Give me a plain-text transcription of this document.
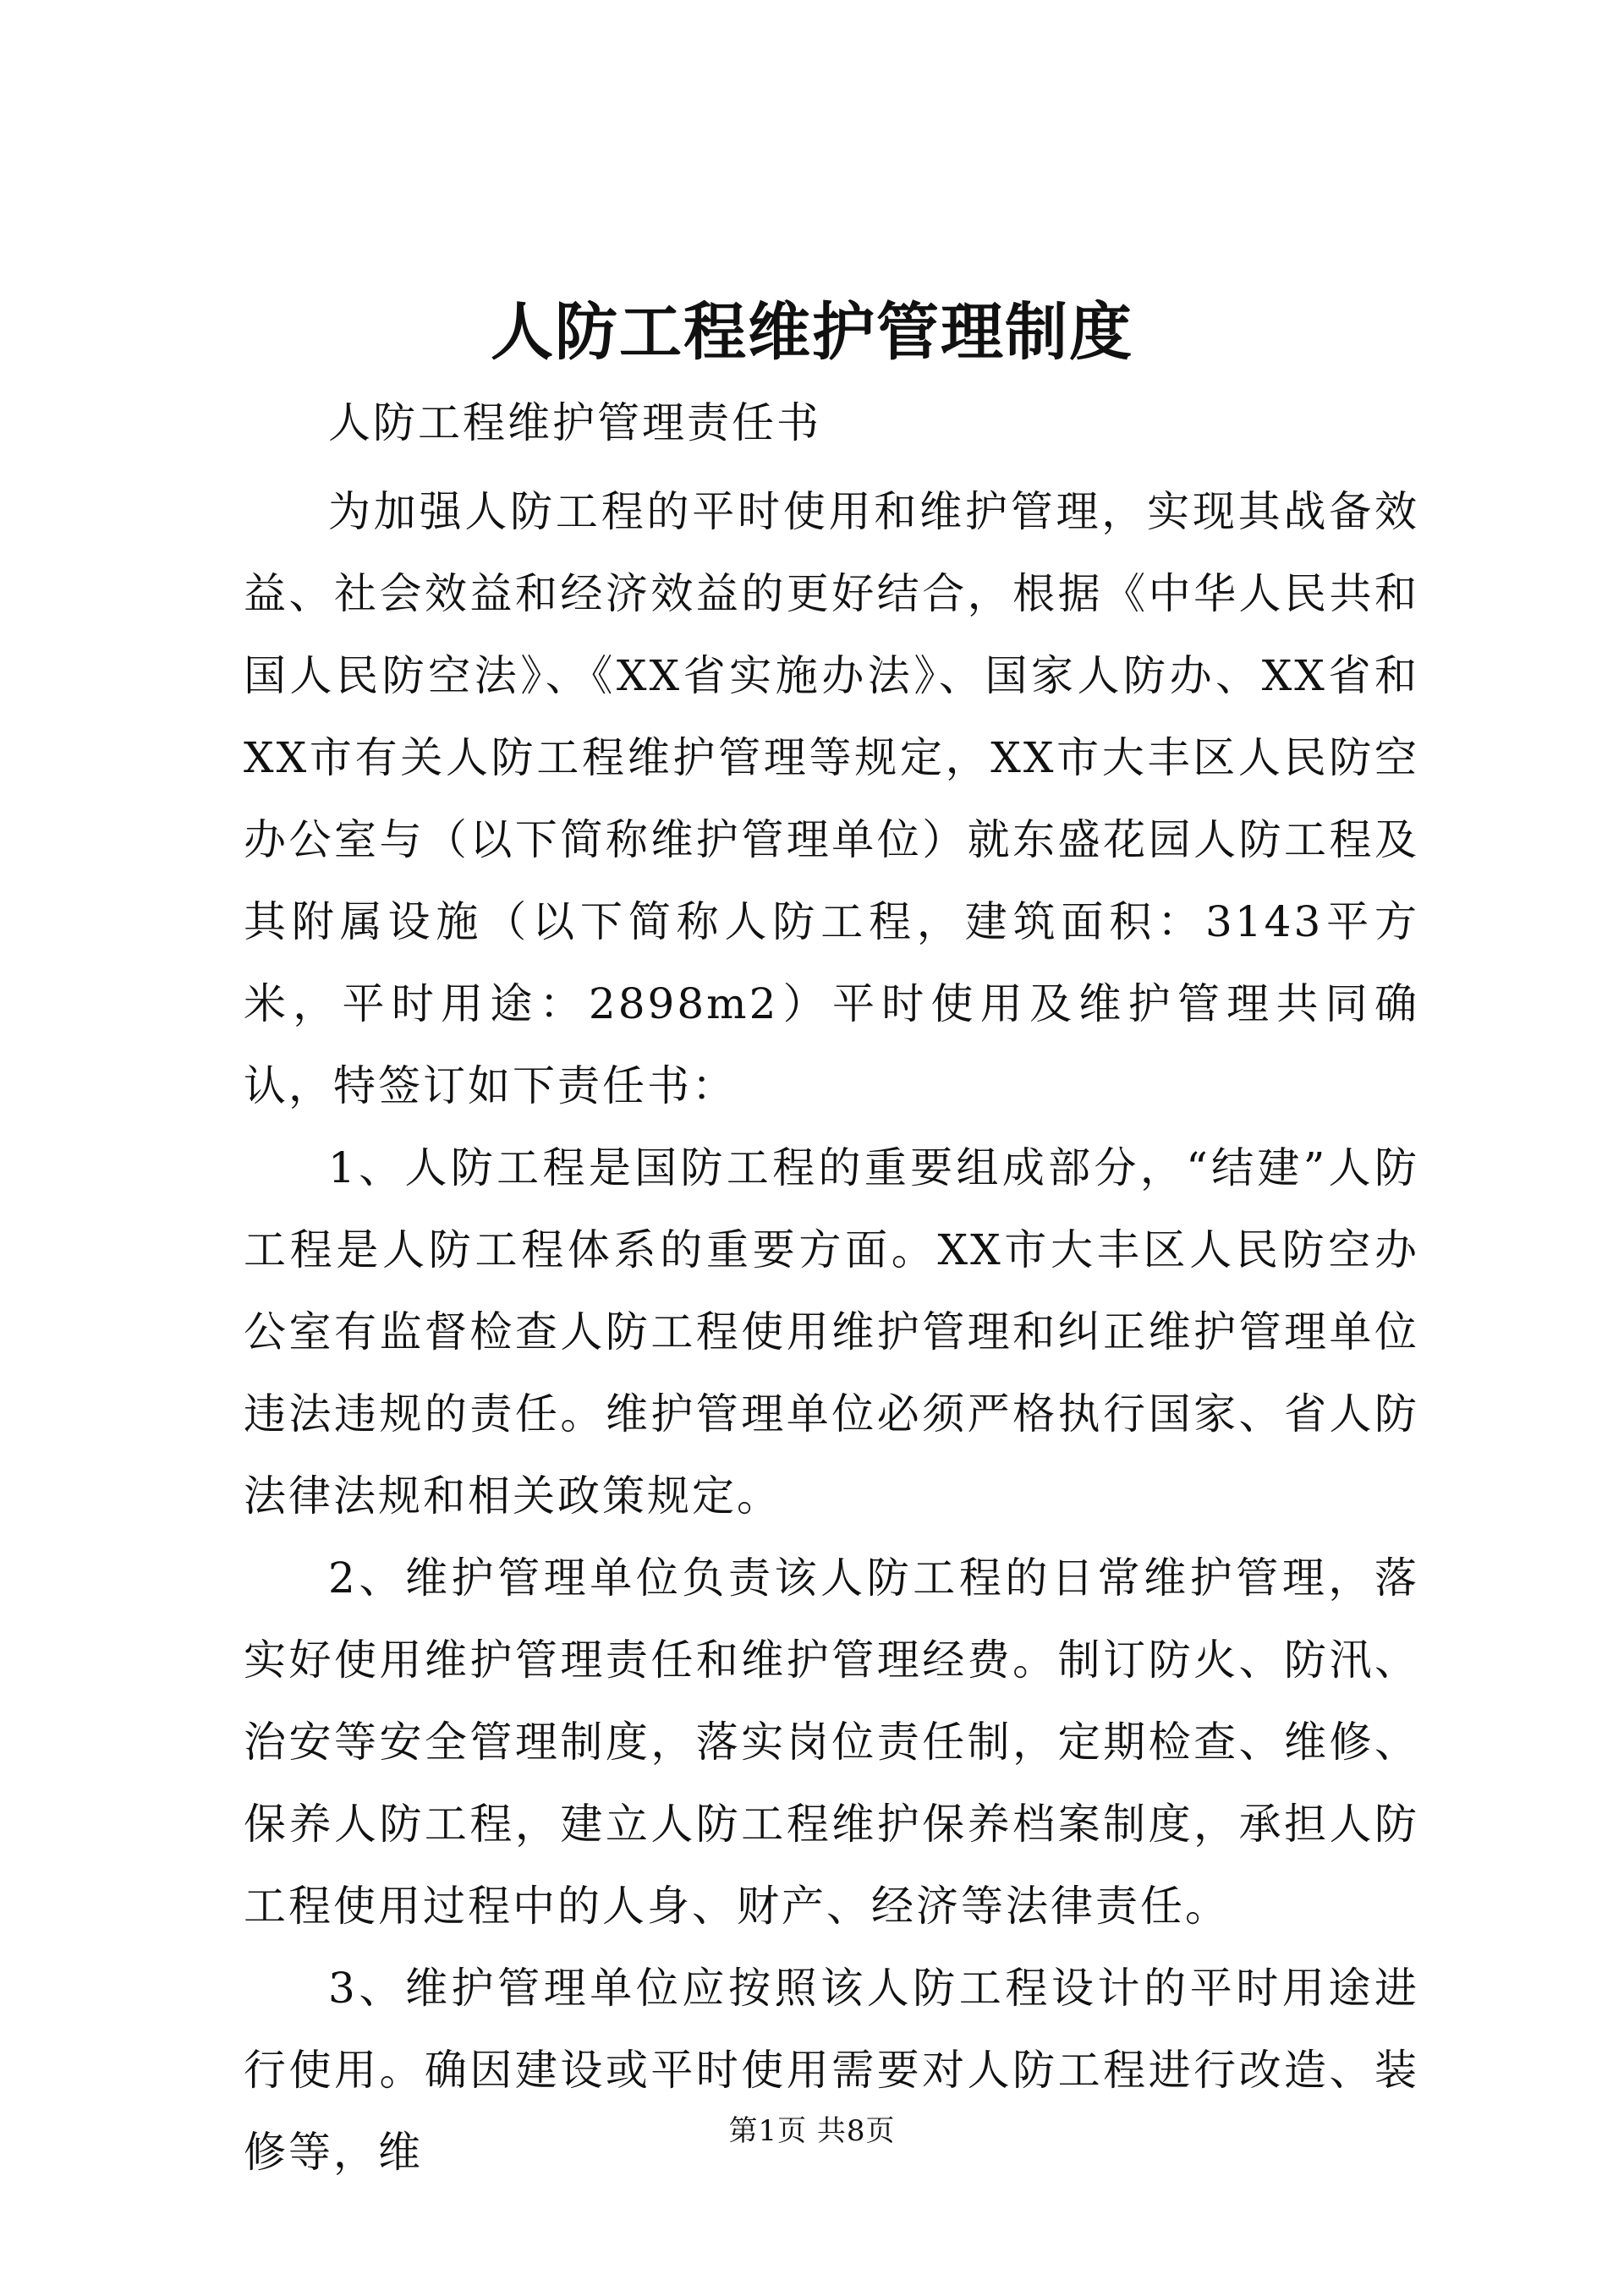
人防工程维护管理制度

人防工程维护管理责任书

为加强人防工程的平时使用和维护管理，实现其战备效益、社会效益和经济效益的更好结合，根据《中华人民共和国人民防空法》、《XX省实施办法》、国家人防办、XX省和XX市有关人防工程维护管理等规定，XX市大丰区人民防空办公室与（以下简称维护管理单位）就东盛花园人防工程及其附属设施（以下简称人防工程，建筑面积：3143平方米，平时用途：2898m2）平时使用及维护管理共同确认，特签订如下责任书：

1、人防工程是国防工程的重要组成部分，“结建”人防工程是人防工程体系的重要方面。XX市大丰区人民防空办公室有监督检查人防工程使用维护管理和纠正维护管理单位违法违规的责任。维护管理单位必须严格执行国家、省人防法律法规和相关政策规定。

2、维护管理单位负责该人防工程的日常维护管理，落实好使用维护管理责任和维护管理经费。制订防火、防汛、治安等安全管理制度，落实岗位责任制，定期检查、维修、保养人防工程，建立人防工程维护保养档案制度，承担人防工程使用过程中的人身、财产、经济等法律责任。

3、维护管理单位应按照该人防工程设计的平时用途进行使用。确因建设或平时使用需要对人防工程进行改造、装修等，维	第1页 共8页
